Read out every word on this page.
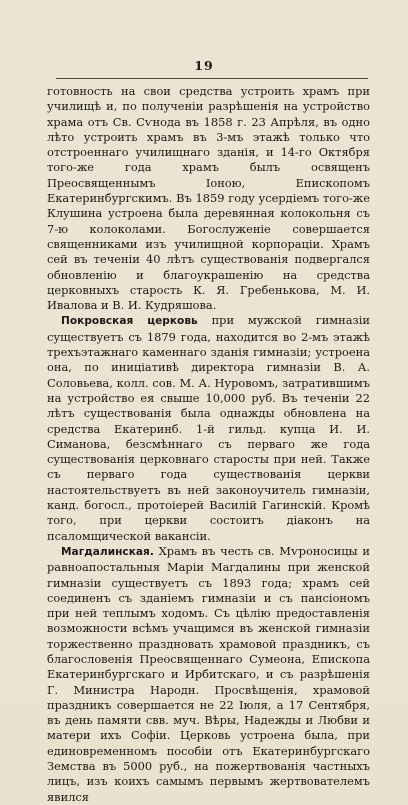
19

готовность на свои средства устроить храмъ при училищѣ и, по полученіи разрѣшенія на устройство храма отъ Св. Сѵнода въ 1858 г. 23 Апрѣля, въ одно лѣто устроить храмъ въ 3-мъ этажѣ только что отстроеннаго училищнаго зданія, и 14-го Октября того-же года храмъ былъ освященъ Преосвященнымъ Іоною, Епископомъ Екатеринбургскимъ. Въ 1859 году усердіемъ того-же Клушина устроена была деревянная колокольня съ 7-ю колоколами. Богослуженіе совершается священниками изъ училищной корпораціи. Храмъ сей въ теченіи 40 лѣтъ существованія подвергался обновленію и благоукрашенію на средства церковныхъ старость К. Я. Гребенькова, М. И. Ивалова и В. И. Кудряшова.

Покровская церковь при мужской гимназіи существуетъ съ 1879 года, находится во 2-мъ этажѣ трехъэтажнаго каменнаго зданія гимназіи; устроена она, по иниціативѣ директора гимназіи В. А. Соловьева, колл. сов. М. А. Нуровомъ, затратившимъ на устройство ея свыше 10,000 руб. Въ теченіи 22 лѣтъ существованія была однажды обновлена на средства Екатеринб. 1-й гильд. купца И. И. Симанова, безсмѣннаго съ перваго же года существованія церковнаго старосты при ней. Также съ перваго года существованія церкви настоятельствуетъ въ ней законоучитель гимназіи, канд. богосл., протоіерей Василій Гагинскій. Кромѣ того, при церкви состоитъ діаконъ на псаломщической вакансіи.

Магдалинская. Храмъ въ честь св. Мѵроносицы и равноапостальныя Маріи Магдалины при женской гимназіи существуетъ съ 1893 года; храмъ сей соединенъ съ зданіемъ гимназіи и съ пансіономъ при ней теплымъ ходомъ. Съ цѣлію предоставленія возможности всѣмъ учащимся въ женской гимназіи торжественно праздновать храмовой праздникъ, съ благословенія Преосвященнаго Сумеона, Епископа Екатеринбургскаго и Ирбитскаго, и съ разрѣшенія Г. Министра Народн. Просвѣщенія, храмовой праздникъ совершается не 22 Іюля, а 17 Сентября, въ день памяти свв. муч. Вѣры, Надежды и Любви и матери ихъ Софіи. Церковь устроена была, при единовременномъ пособіи отъ Екатеринбургскаго Земства въ 5000 руб., на пожертвованія частныхъ лицъ, изъ коихъ самымъ первымъ жертвователемъ явился
